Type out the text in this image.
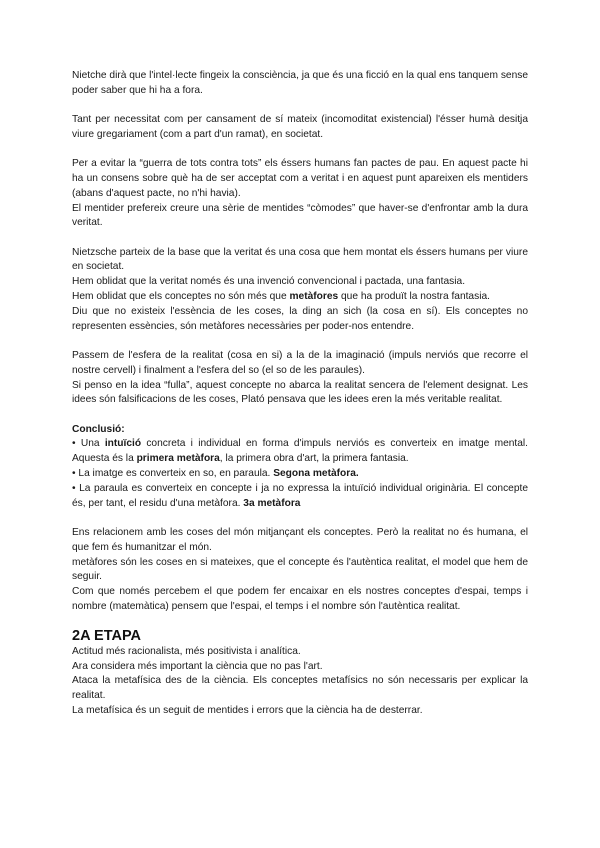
Nietche dirà que l'intel·lecte fingeix la consciència, ja que és una ficció en la qual ens tanquem sense poder saber que hi ha a fora.

Tant per necessitat com per cansament de sí mateix (incomoditat existencial) l'ésser humà desitja viure gregariament (com a part d'un ramat), en societat.

Per a evitar la “guerra de tots contra tots” els éssers humans fan pactes de pau. En aquest pacte hi ha un consens sobre què ha de ser acceptat com a veritat i en aquest punt apareixen els mentiders (abans d'aquest pacte, no n'hi havia).

El mentider prefereix creure una sèrie de mentides “còmodes” que haver-se d'enfrontar amb la dura veritat.

Nietzsche parteix de la base que la veritat és una cosa que hem montat els éssers humans per viure en societat.

Hem oblidat que la veritat només és una invenció convencional i pactada, una fantasia.

Hem oblidat que els conceptes no són més que metàfores que ha produït la nostra fantasia.

Diu que no existeix l'essència de les coses, la ding an sich (la cosa en sí). Els conceptes no representen essències, són metàfores necessàries per poder-nos entendre.

Passem de l'esfera de la realitat (cosa en si) a la de la imaginació (impuls nerviós que recorre el nostre cervell) i finalment a l'esfera del so (el so de les paraules).

Si penso en la idea “fulla”, aquest concepte no abarca la realitat sencera de l'element designat. Les idees són falsificacions de les coses, Plató pensava que les idees eren la més veritable realitat.

Conclusió:

• Una intuïció concreta i individual en forma d'impuls nerviós es converteix en imatge mental. Aquesta és la primera metàfora, la primera obra d'art, la primera fantasia.

• La imatge es converteix en so, en paraula. Segona metàfora.

• La paraula es converteix en concepte i ja no expressa la intuïció individual originària. El concepte és, per tant, el residu d'una metàfora. 3a metàfora

Ens relacionem amb les coses del món mitjançant els conceptes. Però la realitat no és humana, el que fem és humanitzar el món.

metàfores són les coses en si mateixes, que el concepte és l'autèntica realitat, el model que hem de seguir.

Com que només percebem el que podem fer encaixar en els nostres conceptes d'espai, temps i nombre (matemàtica) pensem que l'espai, el temps i el nombre són l'autèntica realitat.

2A ETAPA

Actitud més racionalista, més positivista i analítica.

Ara considera més important la ciència que no pas l'art.

Ataca la metafísica des de la ciència. Els conceptes metafísics no són necessaris per explicar la realitat.

La metafísica és un seguit de mentides i errors que la ciència ha de desterrar.
